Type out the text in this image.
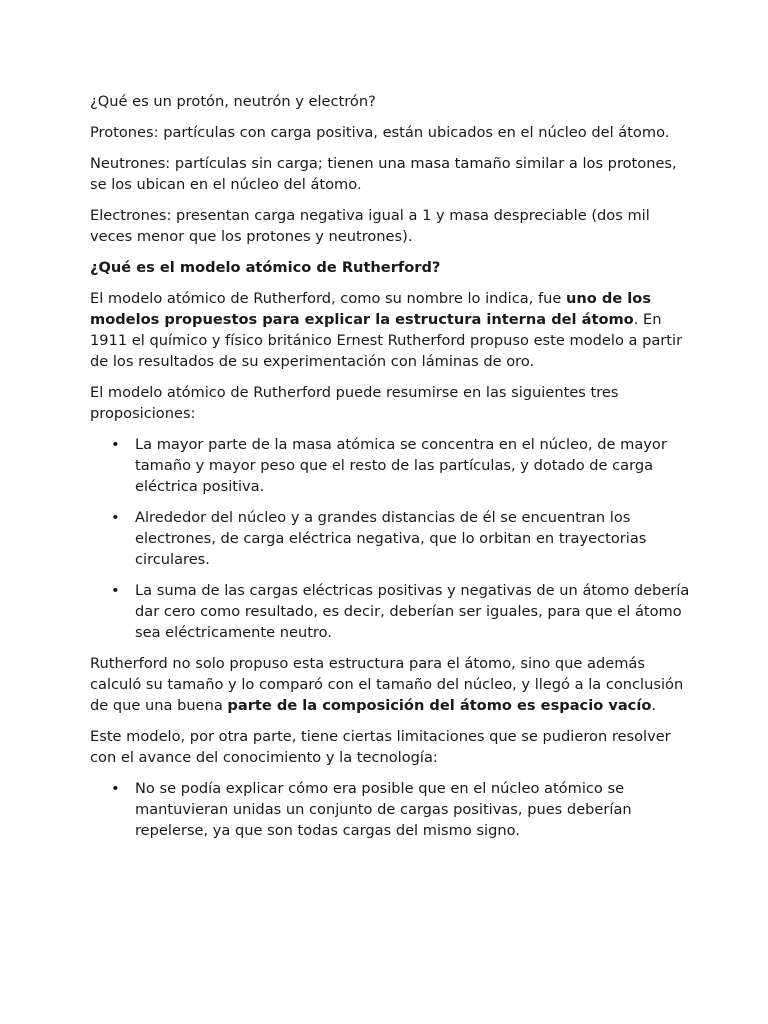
¿Qué es un protón, neutrón y electrón?

Protones: partículas con carga positiva, están ubicados en el núcleo del átomo.

Neutrones: partículas sin carga; tienen una masa tamaño similar a los protones, se los ubican en el núcleo del átomo.

Electrones: presentan carga negativa igual a 1 y masa despreciable (dos mil veces menor que los protones y neutrones).

¿Qué es el modelo atómico de Rutherford?

El modelo atómico de Rutherford, como su nombre lo indica, fue uno de los modelos propuestos para explicar la estructura interna del átomo. En 1911 el químico y físico británico Ernest Rutherford propuso este modelo a partir de los resultados de su experimentación con láminas de oro.

El modelo atómico de Rutherford puede resumirse en las siguientes tres proposiciones:

• La mayor parte de la masa atómica se concentra en el núcleo, de mayor tamaño y mayor peso que el resto de las partículas, y dotado de carga eléctrica positiva.
• Alrededor del núcleo y a grandes distancias de él se encuentran los electrones, de carga eléctrica negativa, que lo orbitan en trayectorias circulares.
• La suma de las cargas eléctricas positivas y negativas de un átomo debería dar cero como resultado, es decir, deberían ser iguales, para que el átomo sea eléctricamente neutro.

Rutherford no solo propuso esta estructura para el átomo, sino que además calculó su tamaño y lo comparó con el tamaño del núcleo, y llegó a la conclusión de que una buena parte de la composición del átomo es espacio vacío.

Este modelo, por otra parte, tiene ciertas limitaciones que se pudieron resolver con el avance del conocimiento y la tecnología:

• No se podía explicar cómo era posible que en el núcleo atómico se mantuvieran unidas un conjunto de cargas positivas, pues deberían repelerse, ya que son todas cargas del mismo signo.
